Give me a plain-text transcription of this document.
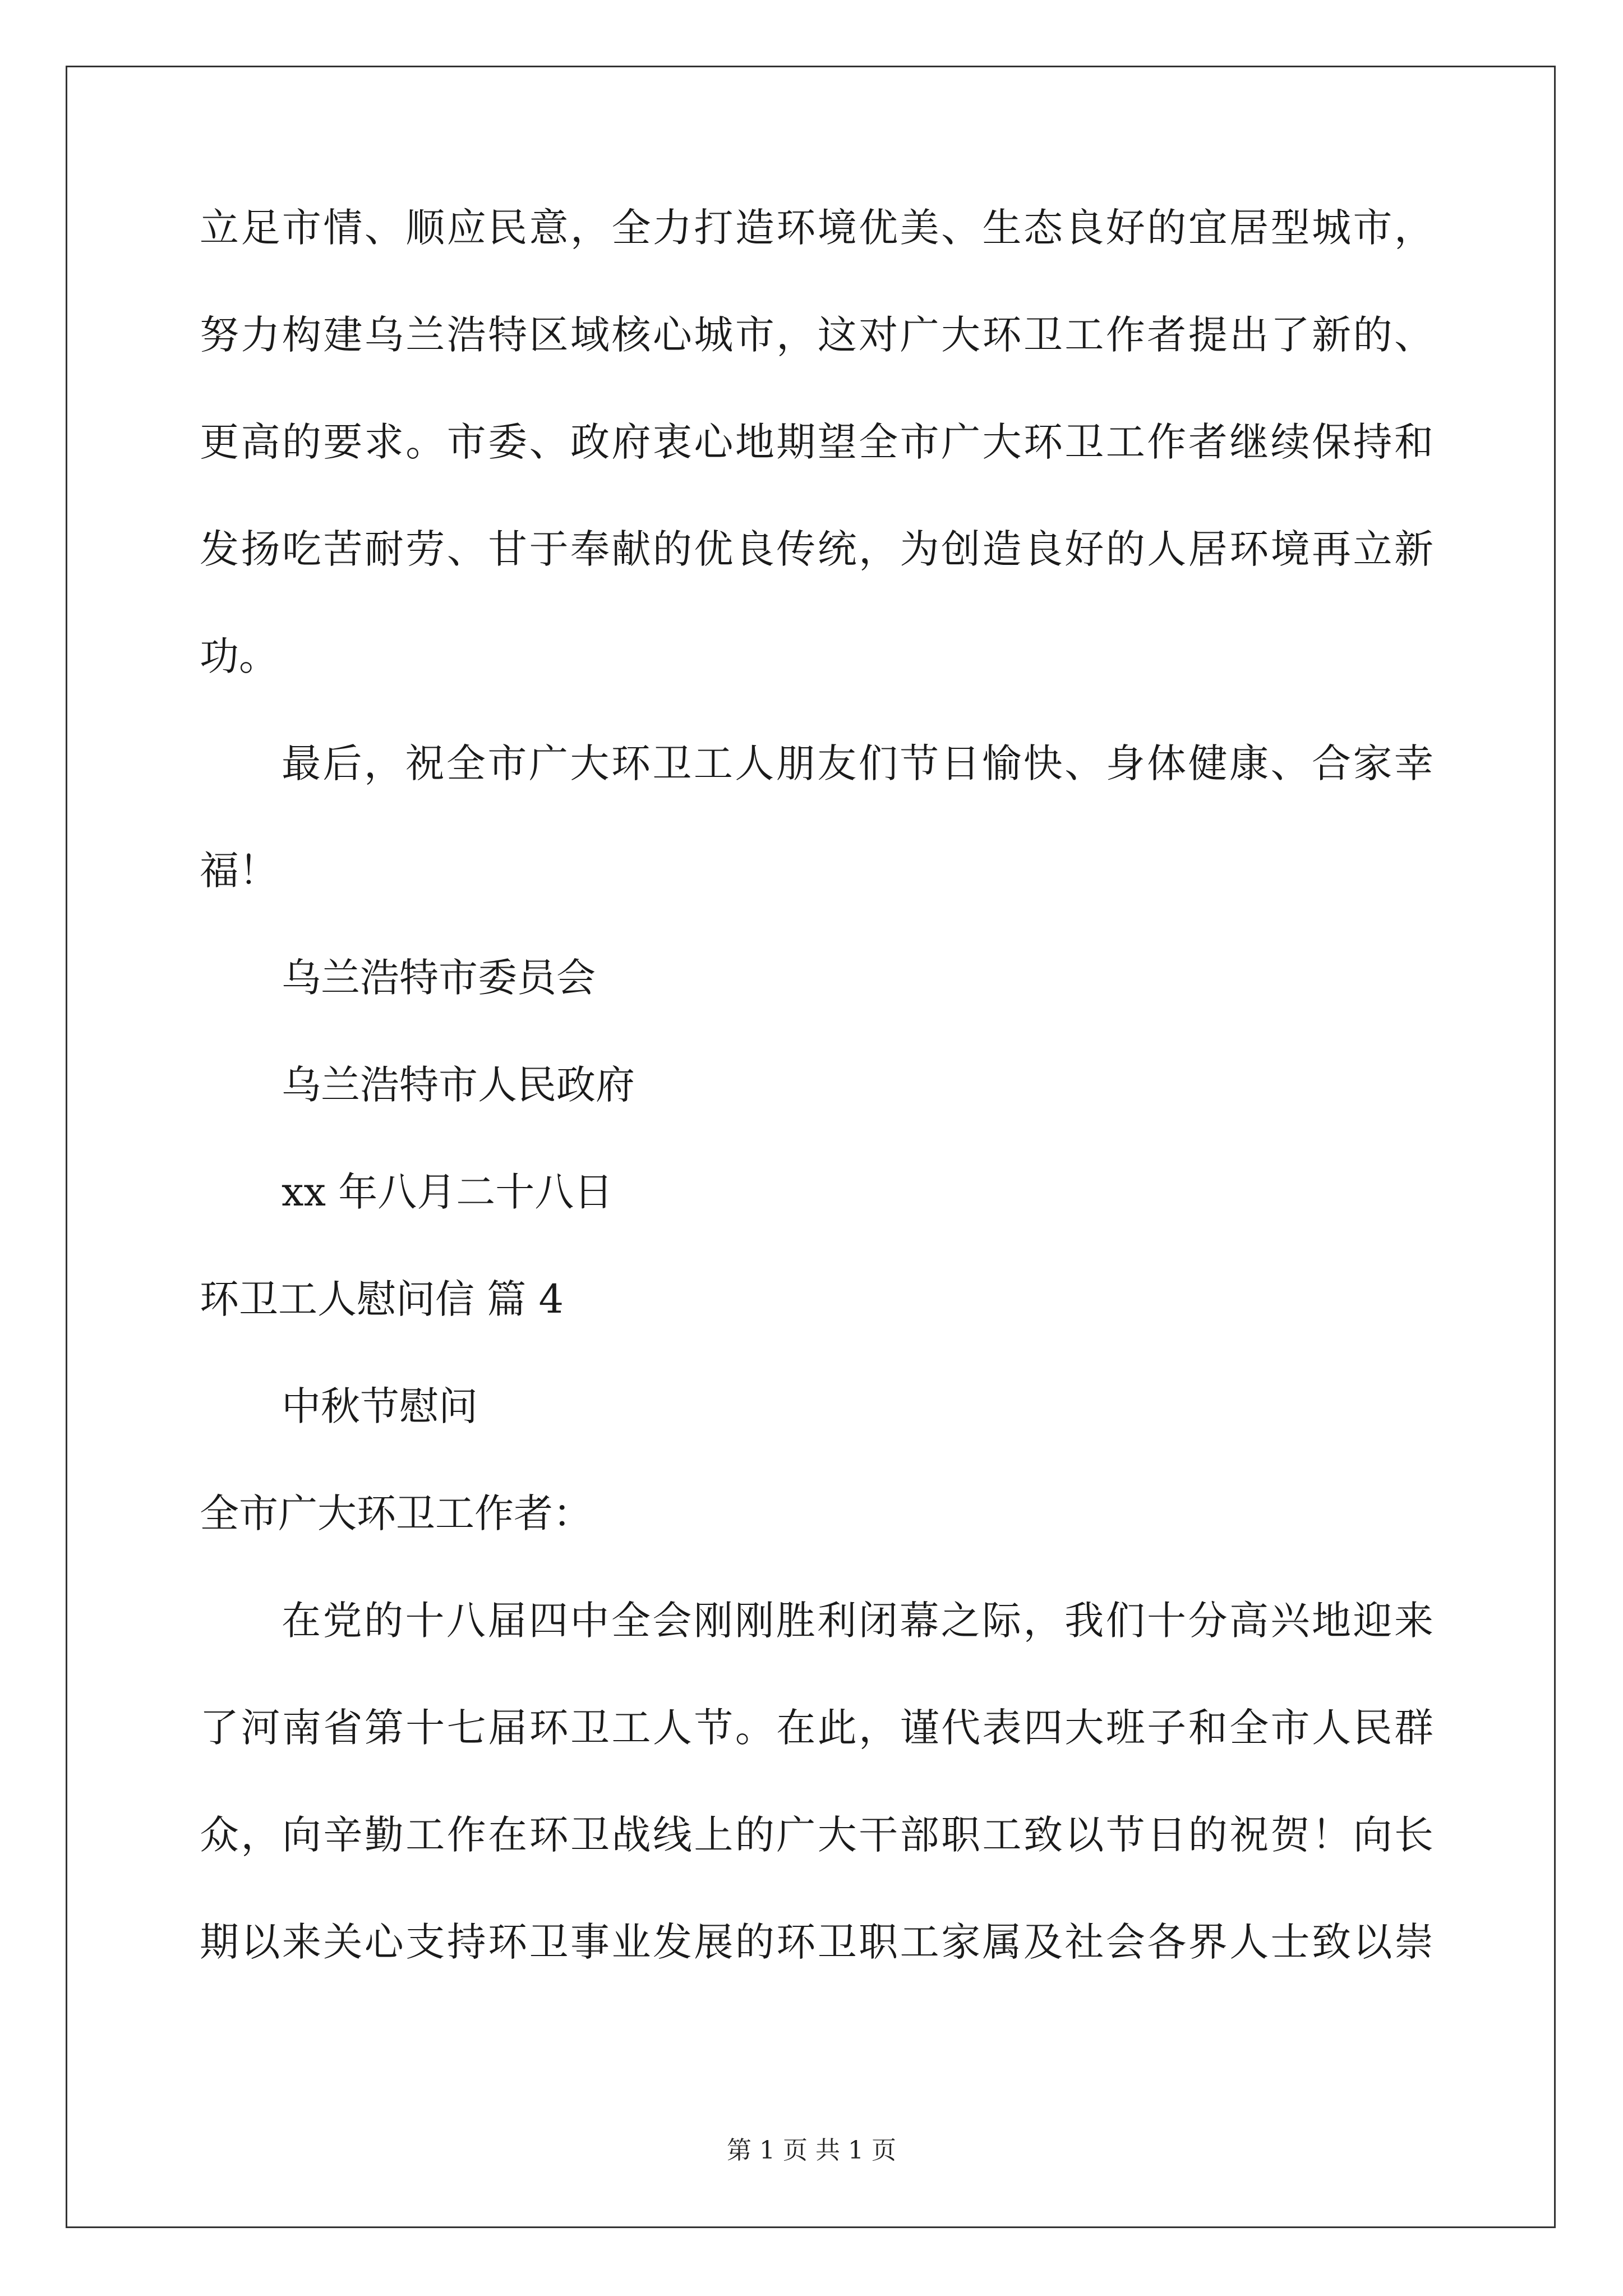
立足市情、顺应民意，全力打造环境优美、生态良好的宜居型城市，
努力构建乌兰浩特区域核心城市，这对广大环卫工作者提出了新的、
更高的要求。市委、政府衷心地期望全市广大环卫工作者继续保持和
发扬吃苦耐劳、甘于奉献的优良传统，为创造良好的人居环境再立新
功。
最后，祝全市广大环卫工人朋友们节日愉快、身体健康、合家幸
福！
乌兰浩特市委员会
乌兰浩特市人民政府
xx 年八月二十八日
环卫工人慰问信 篇 4
中秋节慰问
全市广大环卫工作者：
在党的十八届四中全会刚刚胜利闭幕之际，我们十分高兴地迎来
了河南省第十七届环卫工人节。在此，谨代表四大班子和全市人民群
众，向辛勤工作在环卫战线上的广大干部职工致以节日的祝贺！向长
期以来关心支持环卫事业发展的环卫职工家属及社会各界人士致以崇
第 1 页 共 1 页
